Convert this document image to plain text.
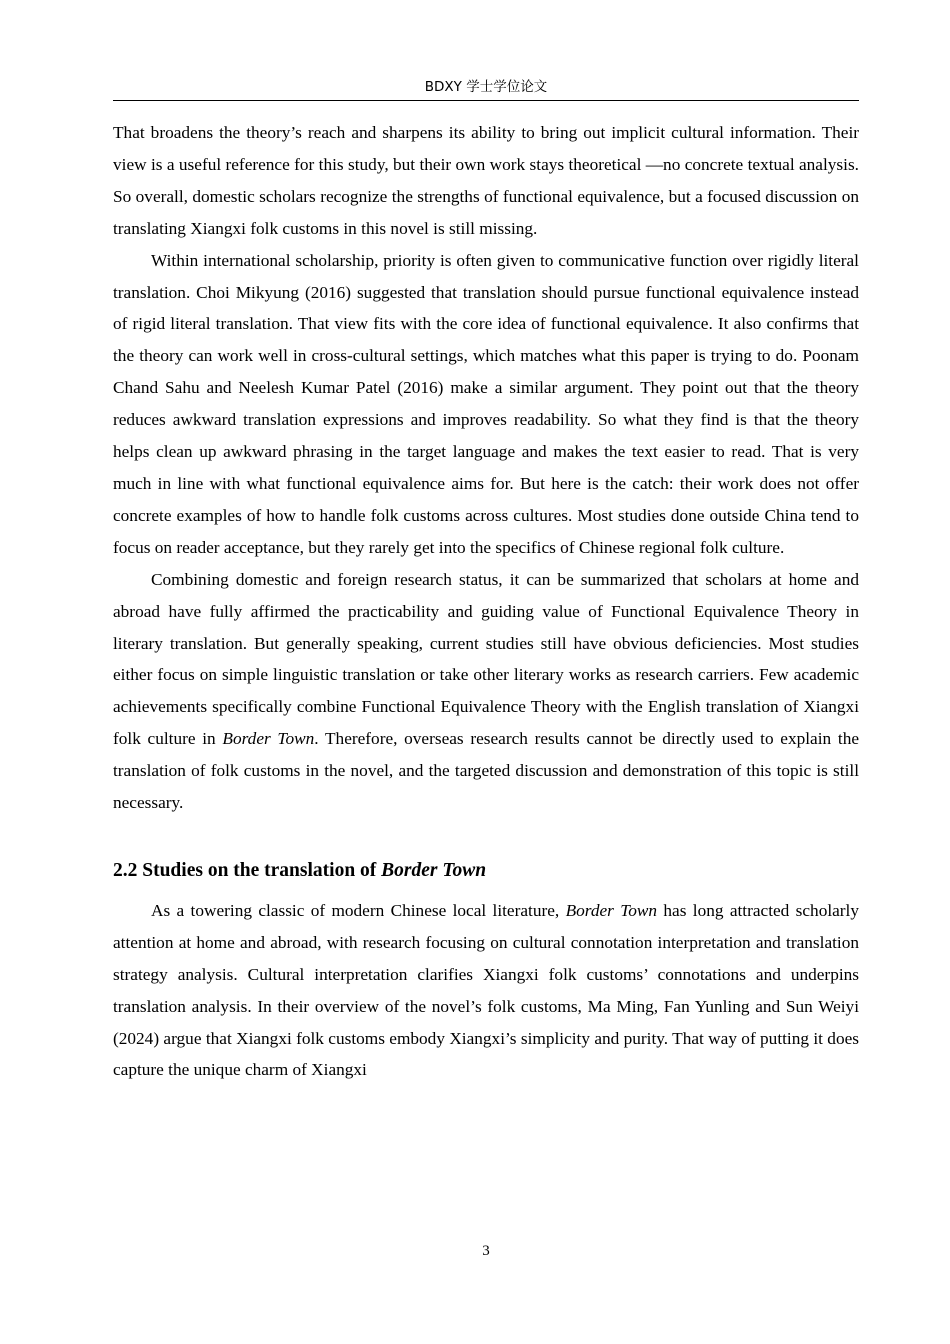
BDXY 学士学位论文

That broadens the theory’s reach and sharpens its ability to bring out implicit cultural information. Their view is a useful reference for this study, but their own work stays theoretical —no concrete textual analysis. So overall, domestic scholars recognize the strengths of functional equivalence, but a focused discussion on translating Xiangxi folk customs in this novel is still missing.

Within international scholarship, priority is often given to communicative function over rigidly literal translation. Choi Mikyung (2016) suggested that translation should pursue functional equivalence instead of rigid literal translation. That view fits with the core idea of functional equivalence. It also confirms that the theory can work well in cross-cultural settings, which matches what this paper is trying to do. Poonam Chand Sahu and Neelesh Kumar Patel (2016) make a similar argument. They point out that the theory reduces awkward translation expressions and improves readability. So what they find is that the theory helps clean up awkward phrasing in the target language and makes the text easier to read. That is very much in line with what functional equivalence aims for. But here is the catch: their work does not offer concrete examples of how to handle folk customs across cultures. Most studies done outside China tend to focus on reader acceptance, but they rarely get into the specifics of Chinese regional folk culture.

Combining domestic and foreign research status, it can be summarized that scholars at home and abroad have fully affirmed the practicability and guiding value of Functional Equivalence Theory in literary translation. But generally speaking, current studies still have obvious deficiencies. Most studies either focus on simple linguistic translation or take other literary works as research carriers. Few academic achievements specifically combine Functional Equivalence Theory with the English translation of Xiangxi folk culture in Border Town. Therefore, overseas research results cannot be directly used to explain the translation of folk customs in the novel, and the targeted discussion and demonstration of this topic is still necessary.

2.2 Studies on the translation of Border Town

As a towering classic of modern Chinese local literature, Border Town has long attracted scholarly attention at home and abroad, with research focusing on cultural connotation interpretation and translation strategy analysis. Cultural interpretation clarifies Xiangxi folk customs’ connotations and underpins translation analysis. In their overview of the novel’s folk customs, Ma Ming, Fan Yunling and Sun Weiyi (2024) argue that Xiangxi folk customs embody Xiangxi’s simplicity and purity. That way of putting it does capture the unique charm of Xiangxi

3
